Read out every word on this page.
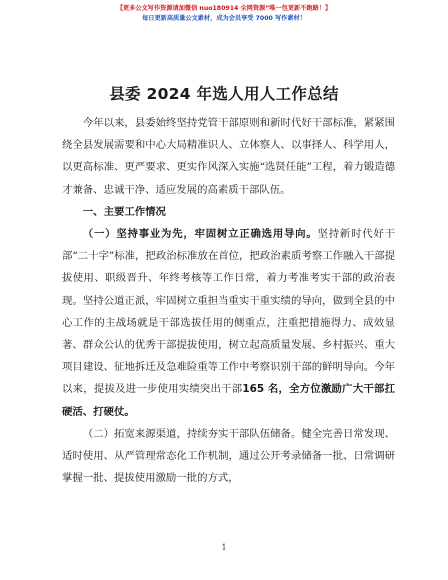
【更多公文写作资源请加微信 nuo180914 全网资源”唯一包更新不跑路！】
每日更新高质量公文素材，成为会员享受 7000 写作素材！
县委 2024 年选人用人工作总结

今年以来，县委始终坚持党管干部原则和新时代好干部标准，紧紧围绕全县发展需要和中心大局精准识人、立体察人、以事择人、科学用人，以更高标准、更严要求、更实作风深入实施“选贤任能”工程，着力锻造德才兼备、忠诚干净、适应发展的高素质干部队伍。

一、主要工作情况

（一）坚持事业为先，牢固树立正确选用导向。坚持新时代好干部“二十字”标准，把政治标准放在首位，把政治素质考察工作融入干部提拔使用、职级晋升、年终考核等工作日常，着力考准考实干部的政治表现。坚持公道正派，牢固树立重担当重实干重实绩的导向，做到全县的中心工作的主战场就是干部选拔任用的侧重点，注重把措施得力、成效显著、群众公认的优秀干部提拔使用，树立起高质量发展、乡村振兴、重大项目建设、征地拆迁及急难险重等工作中考察识别干部的鲜明导向。今年以来，提拔及进一步使用实绩突出干部165 名，全方位激励广大干部扛硬活、打硬仗。

（二）拓宽来源渠道，持续夯实干部队伍储备。健全完善日常发现、适时使用、从严管理常态化工作机制，通过公开考录储备一批、日常调研掌握一批、提拔使用激励一批的方式，

1
